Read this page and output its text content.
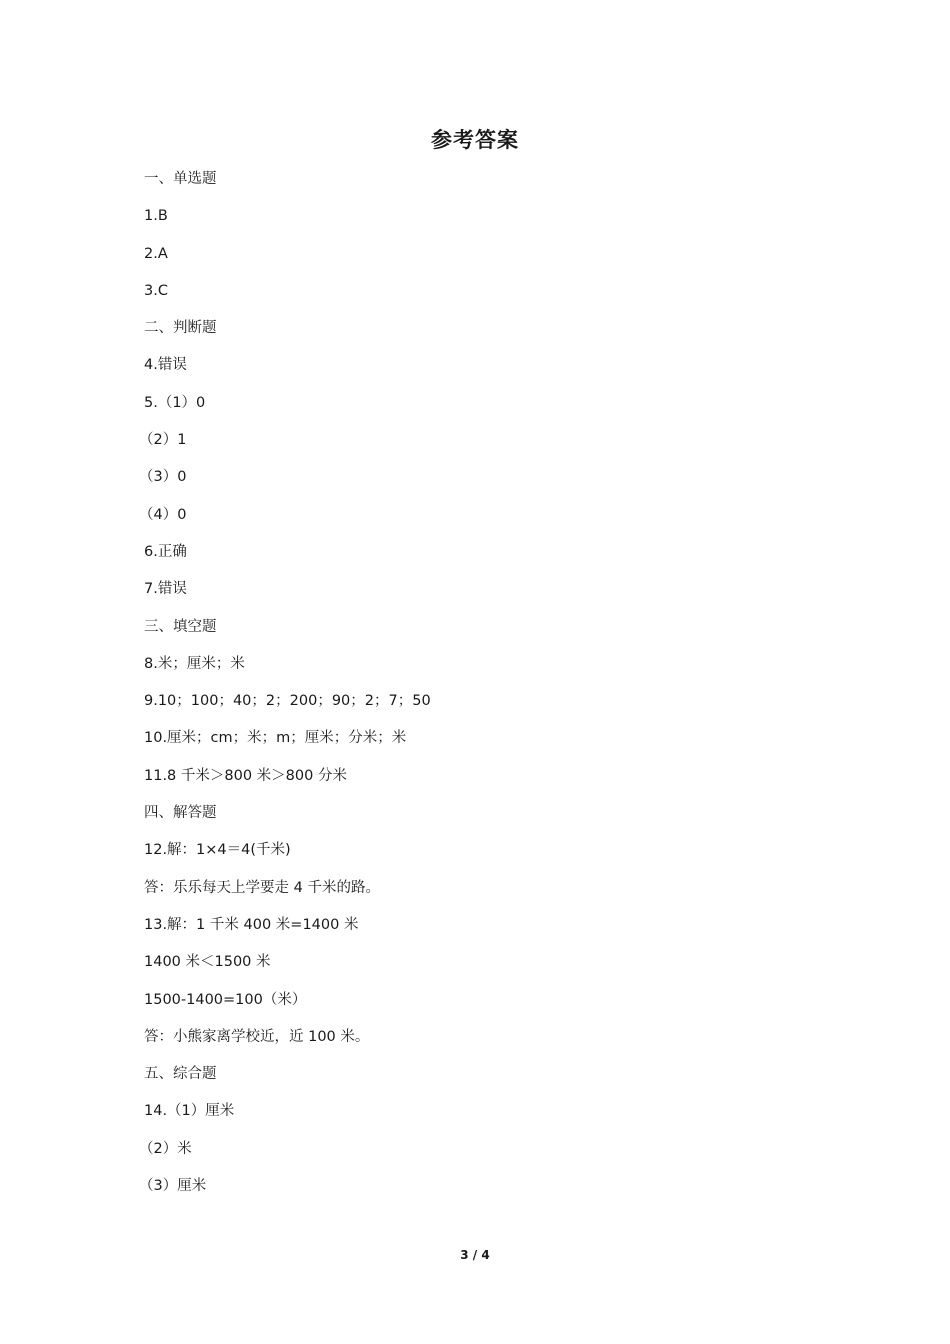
参考答案
一、单选题
1.B
2.A
3.C
二、判断题
4.错误
5.（1）0
（2）1
（3）0
（4）0
6.正确
7.错误
三、填空题
8.米；厘米；米
9.10；100；40；2；200；90；2；7；50
10.厘米；cm；米；m；厘米；分米；米
11.8 千米＞800 米＞800 分米
四、解答题
12.解：1×4＝4(千米)
答：乐乐每天上学要走 4 千米的路。
13.解：1 千米 400 米=1400 米
1400 米＜1500 米
1500-1400=100（米）
答：小熊家离学校近，近 100 米。
五、综合题
14.（1）厘米
（2）米
（3）厘米
3 / 4
